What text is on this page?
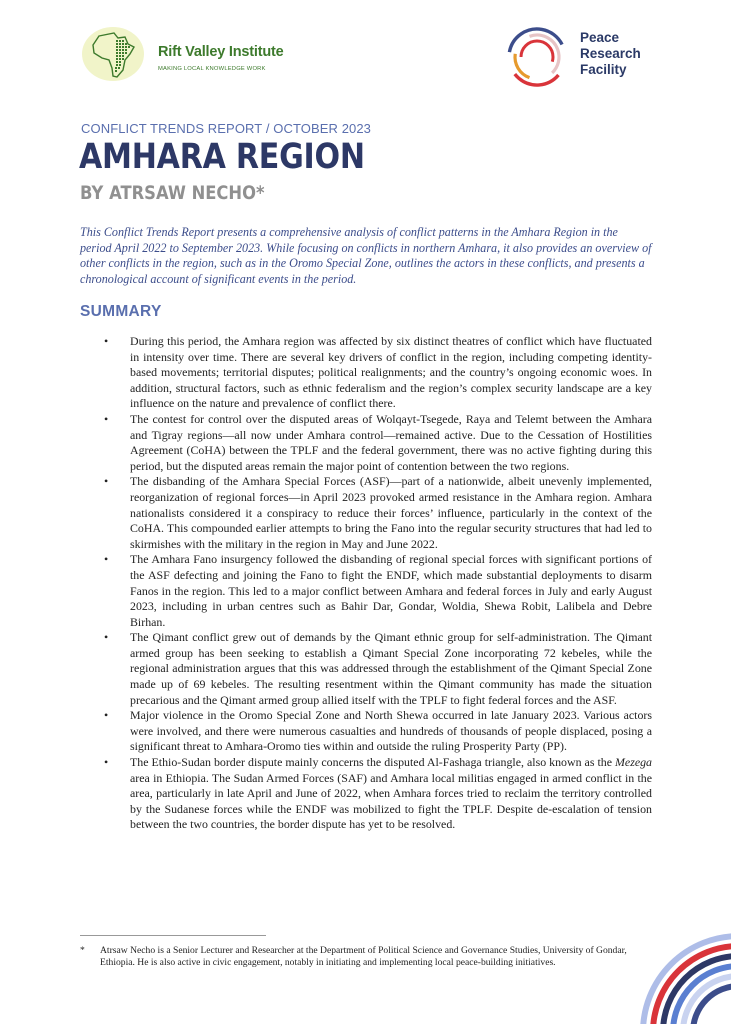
Rift Valley Institute
MAKING LOCAL KNOWLEDGE WORK
Peace
Research
Facility
CONFLICT TRENDS REPORT / OCTOBER 2023
AMHARA REGION
BY ATRSAW NECHO*
This Conflict Trends Report presents a comprehensive analysis of conflict patterns in the Amhara Region in the period April 2022 to September 2023. While focusing on conflicts in northern Amhara, it also provides an overview of other conflicts in the region, such as in the Oromo Special Zone, outlines the actors in these conflicts, and presents a chronological account of significant events in the period.
SUMMARY
• During this period, the Amhara region was affected by six distinct theatres of conflict which have fluctuated in intensity over time. There are several key drivers of conflict in the region, including competing identity-based movements; territorial disputes; political realignments; and the country’s ongoing economic woes. In addition, structural factors, such as ethnic federalism and the region’s complex security landscape are a key influence on the nature and prevalence of conflict there.
• The contest for control over the disputed areas of Wolqayt-Tsegede, Raya and Telemt between the Amhara and Tigray regions—all now under Amhara control—remained active. Due to the Cessation of Hostilities Agreement (CoHA) between the TPLF and the federal government, there was no active fighting during this period, but the disputed areas remain the major point of contention between the two regions.
• The disbanding of the Amhara Special Forces (ASF)—part of a nationwide, albeit unevenly implemented, reorganization of regional forces—in April 2023 provoked armed resistance in the Amhara region. Amhara nationalists considered it a conspiracy to reduce their forces’ influence, particularly in the context of the CoHA. This compounded earlier attempts to bring the Fano into the regular security structures that had led to skirmishes with the military in the region in May and June 2022.
• The Amhara Fano insurgency followed the disbanding of regional special forces with significant portions of the ASF defecting and joining the Fano to fight the ENDF, which made substantial deployments to disarm Fanos in the region. This led to a major conflict between Amhara and federal forces in July and early August 2023, including in urban centres such as Bahir Dar, Gondar, Woldia, Shewa Robit, Lalibela and Debre Birhan.
• The Qimant conflict grew out of demands by the Qimant ethnic group for self-administration. The Qimant armed group has been seeking to establish a Qimant Special Zone incorporating 72 kebeles, while the regional administration argues that this was addressed through the establishment of the Qimant Special Zone made up of 69 kebeles. The resulting resentment within the Qimant community has made the situation precarious and the Qimant armed group allied itself with the TPLF to fight federal forces and the ASF.
• Major violence in the Oromo Special Zone and North Shewa occurred in late January 2023. Various actors were involved, and there were numerous casualties and hundreds of thousands of people displaced, posing a significant threat to Amhara-Oromo ties within and outside the ruling Prosperity Party (PP).
• The Ethio-Sudan border dispute mainly concerns the disputed Al-Fashaga triangle, also known as the Mezega area in Ethiopia. The Sudan Armed Forces (SAF) and Amhara local militias engaged in armed conflict in the area, particularly in late April and June of 2022, when Amhara forces tried to reclaim the territory controlled by the Sudanese forces while the ENDF was mobilized to fight the TPLF. Despite de-escalation of tension between the two countries, the border dispute has yet to be resolved.
* Atrsaw Necho is a Senior Lecturer and Researcher at the Department of Political Science and Governance Studies, University of Gondar, Ethiopia. He is also active in civic engagement, notably in initiating and implementing local peace-building initiatives.
